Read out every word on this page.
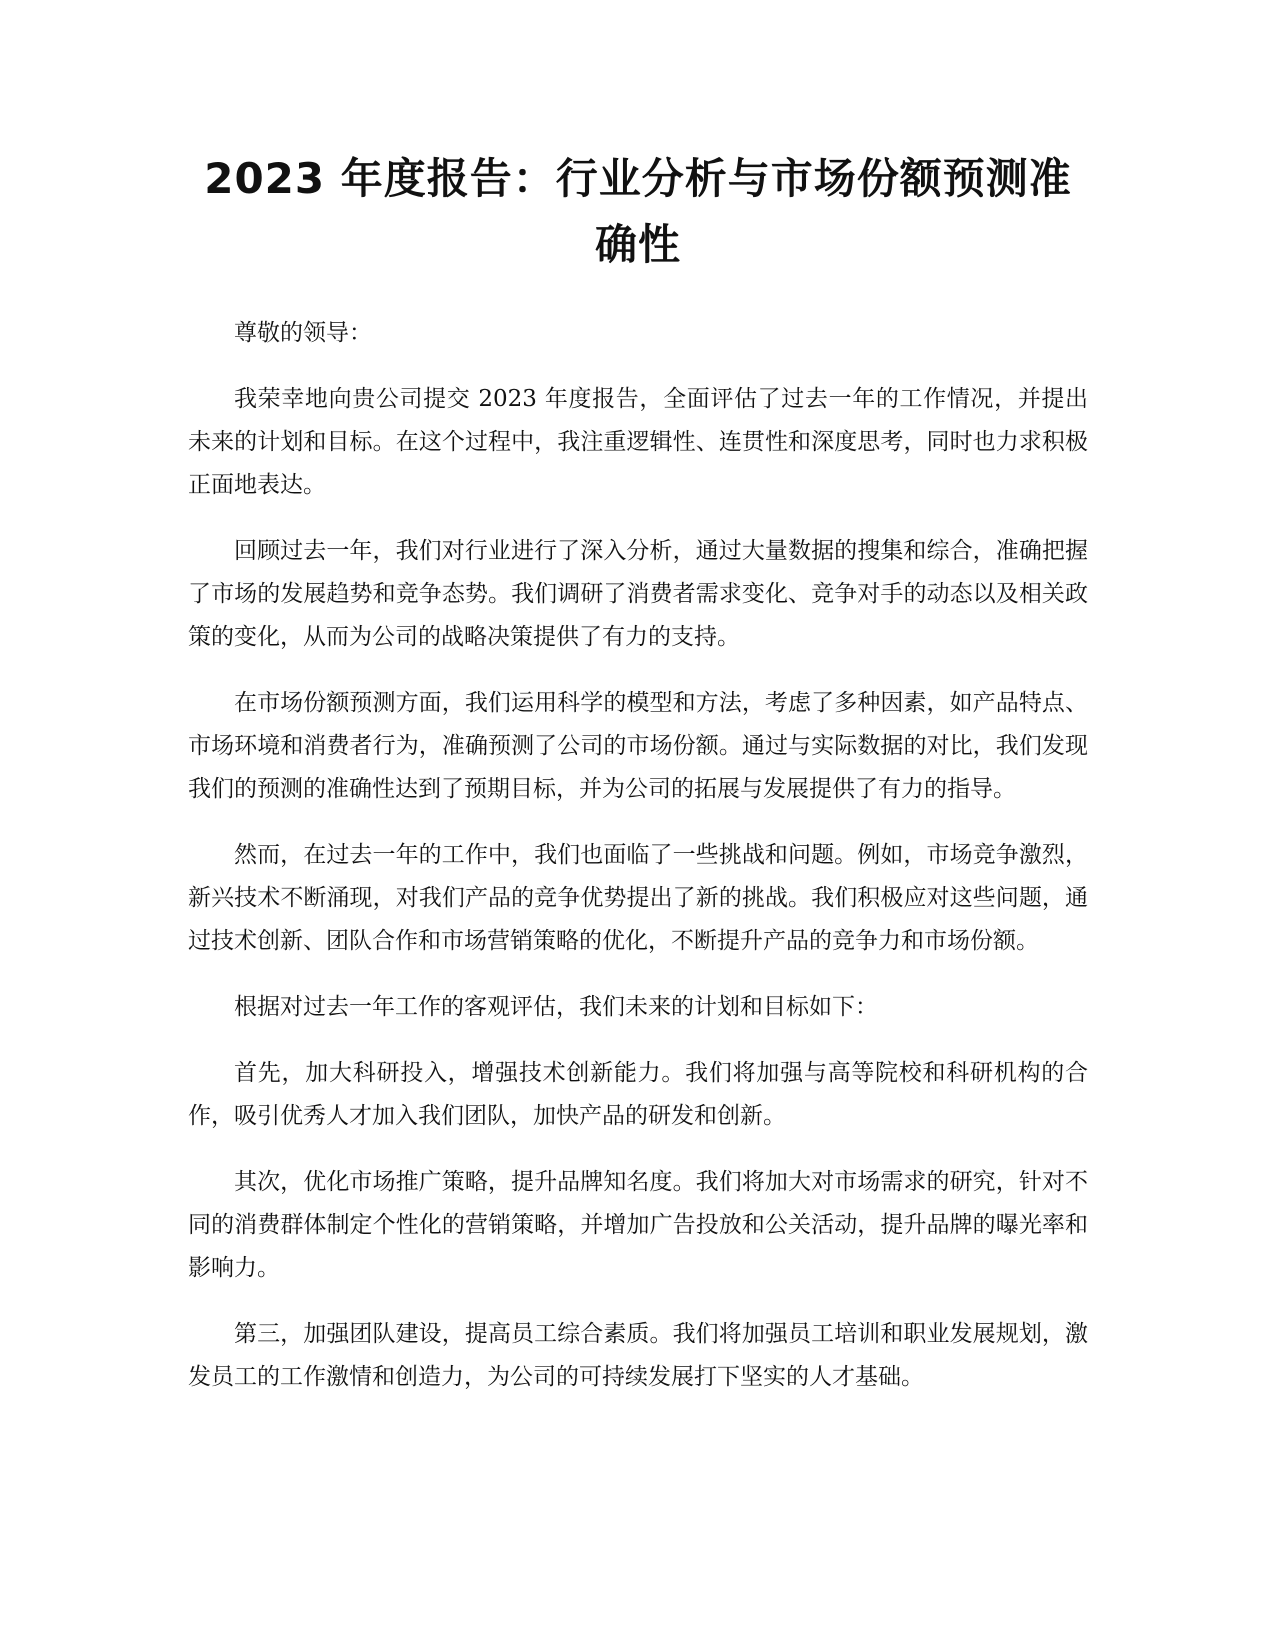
2023 年度报告：行业分析与市场份额预测准确性

尊敬的领导：

我荣幸地向贵公司提交 2023 年度报告，全面评估了过去一年的工作情况，并提出未来的计划和目标。在这个过程中，我注重逻辑性、连贯性和深度思考，同时也力求积极正面地表达。

回顾过去一年，我们对行业进行了深入分析，通过大量数据的搜集和综合，准确把握了市场的发展趋势和竞争态势。我们调研了消费者需求变化、竞争对手的动态以及相关政策的变化，从而为公司的战略决策提供了有力的支持。

在市场份额预测方面，我们运用科学的模型和方法，考虑了多种因素，如产品特点、市场环境和消费者行为，准确预测了公司的市场份额。通过与实际数据的对比，我们发现我们的预测的准确性达到了预期目标，并为公司的拓展与发展提供了有力的指导。

然而，在过去一年的工作中，我们也面临了一些挑战和问题。例如，市场竞争激烈，新兴技术不断涌现，对我们产品的竞争优势提出了新的挑战。我们积极应对这些问题，通过技术创新、团队合作和市场营销策略的优化，不断提升产品的竞争力和市场份额。

根据对过去一年工作的客观评估，我们未来的计划和目标如下：

首先，加大科研投入，增强技术创新能力。我们将加强与高等院校和科研机构的合作，吸引优秀人才加入我们团队，加快产品的研发和创新。

其次，优化市场推广策略，提升品牌知名度。我们将加大对市场需求的研究，针对不同的消费群体制定个性化的营销策略，并增加广告投放和公关活动，提升品牌的曝光率和影响力。

第三，加强团队建设，提高员工综合素质。我们将加强员工培训和职业发展规划，激发员工的工作激情和创造力，为公司的可持续发展打下坚实的人才基础。
